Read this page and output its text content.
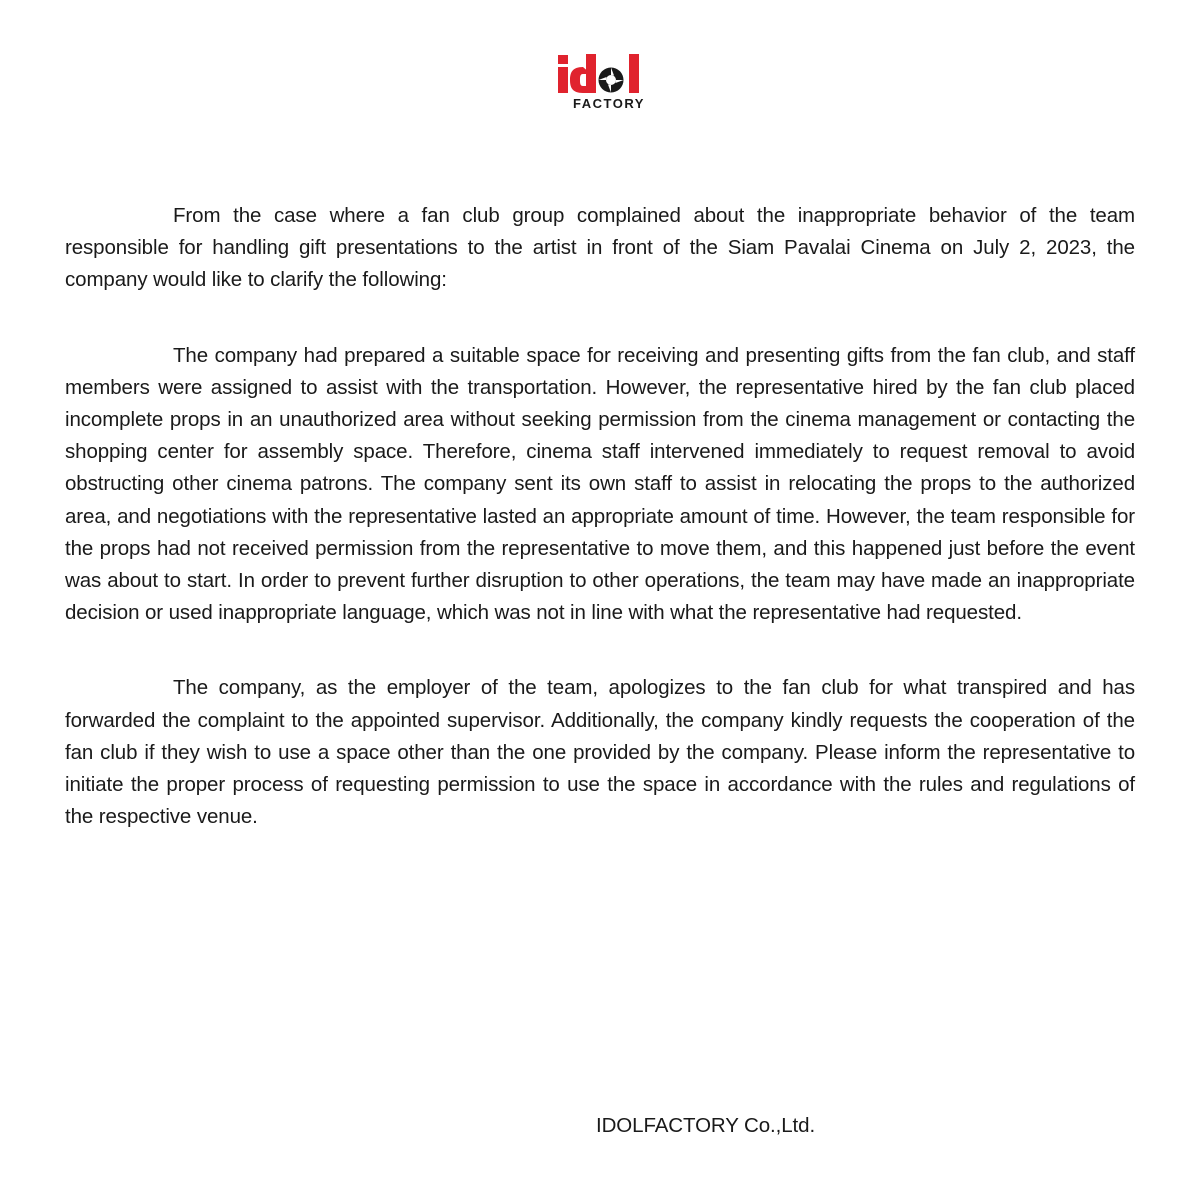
FACTORY

From the case where a fan club group complained about the inappropriate behavior of the team responsible for handling gift presentations to the artist in front of the Siam Pavalai Cinema on July 2, 2023, the company would like to clarify the following:

The company had prepared a suitable space for receiving and presenting gifts from the fan club, and staff members were assigned to assist with the transportation. However, the representative hired by the fan club placed incomplete props in an unauthorized area without seeking permission from the cinema management or contacting the shopping center for assembly space. Therefore, cinema staff intervened immediately to request removal to avoid obstructing other cinema patrons. The company sent its own staff to assist in relocating the props to the authorized area, and negotiations with the representative lasted an appropriate amount of time. However, the team responsible for the props had not received permission from the representative to move them, and this happened just before the event was about to start. In order to prevent further disruption to other operations, the team may have made an inappropriate decision or used inappropriate language, which was not in line with what the representative had requested.

The company, as the employer of the team, apologizes to the fan club for what transpired and has forwarded the complaint to the appointed supervisor. Additionally, the company kindly requests the cooperation of the fan club if they wish to use a space other than the one provided by the company. Please inform the representative to initiate the proper process of requesting permission to use the space in accordance with the rules and regulations of the respective venue.

IDOLFACTORY Co.,Ltd.
